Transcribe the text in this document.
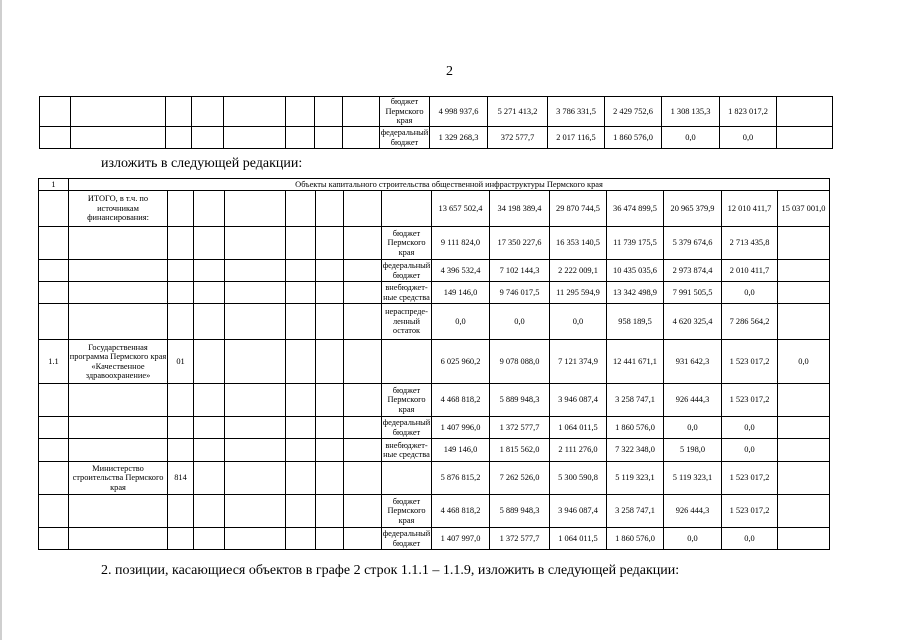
2
								бюджет Пермского края	4 998 937,6	5 271 413,2	3 786 331,5	2 429 752,6	1 308 135,3	1 823 017,2	
								федеральный бюджет	1 329 268,3	372 577,7	2 017 116,5	1 860 576,0	0,0	0,0	
изложить в следующей редакции:
1	Объекты капитального строительства общественной инфраструктуры Пермского края														
	ИТОГО, в т.ч. по источникам финансирования:								13 657 502,4	34 198 389,4	29 870 744,5	36 474 899,5	20 965 379,9	12 010 411,7	15 037 001,0
								бюджет Пермского края	9 111 824,0	17 350 227,6	16 353 140,5	11 739 175,5	5 379 674,6	2 713 435,8	
								федеральный бюджет	4 396 532,4	7 102 144,3	2 222 009,1	10 435 035,6	2 973 874,4	2 010 411,7	
								внебюджет-ные средства	149 146,0	9 746 017,5	11 295 594,9	13 342 498,9	7 991 505,5	0,0	
								нераспреде-ленный остаток	0,0	0,0	0,0	958 189,5	4 620 325,4	7 286 564,2	
1.1	Государственная программа Пермского края «Качественное здравоохранение»	01							6 025 960,2	9 078 088,0	7 121 374,9	12 441 671,1	931 642,3	1 523 017,2	0,0
								бюджет Пермского края	4 468 818,2	5 889 948,3	3 946 087,4	3 258 747,1	926 444,3	1 523 017,2	
								федеральный бюджет	1 407 996,0	1 372 577,7	1 064 011,5	1 860 576,0	0,0	0,0	
								внебюджет-ные средства	149 146,0	1 815 562,0	2 111 276,0	7 322 348,0	5 198,0	0,0	
	Министерство строительства Пермского края	814							5 876 815,2	7 262 526,0	5 300 590,8	5 119 323,1	5 119 323,1	1 523 017,2	
								бюджет Пермского края	4 468 818,2	5 889 948,3	3 946 087,4	3 258 747,1	926 444,3	1 523 017,2	
								федеральный бюджет	1 407 997,0	1 372 577,7	1 064 011,5	1 860 576,0	0,0	0,0	
2. позиции, касающиеся объектов в графе 2 строк 1.1.1 – 1.1.9, изложить в следующей редакции:
